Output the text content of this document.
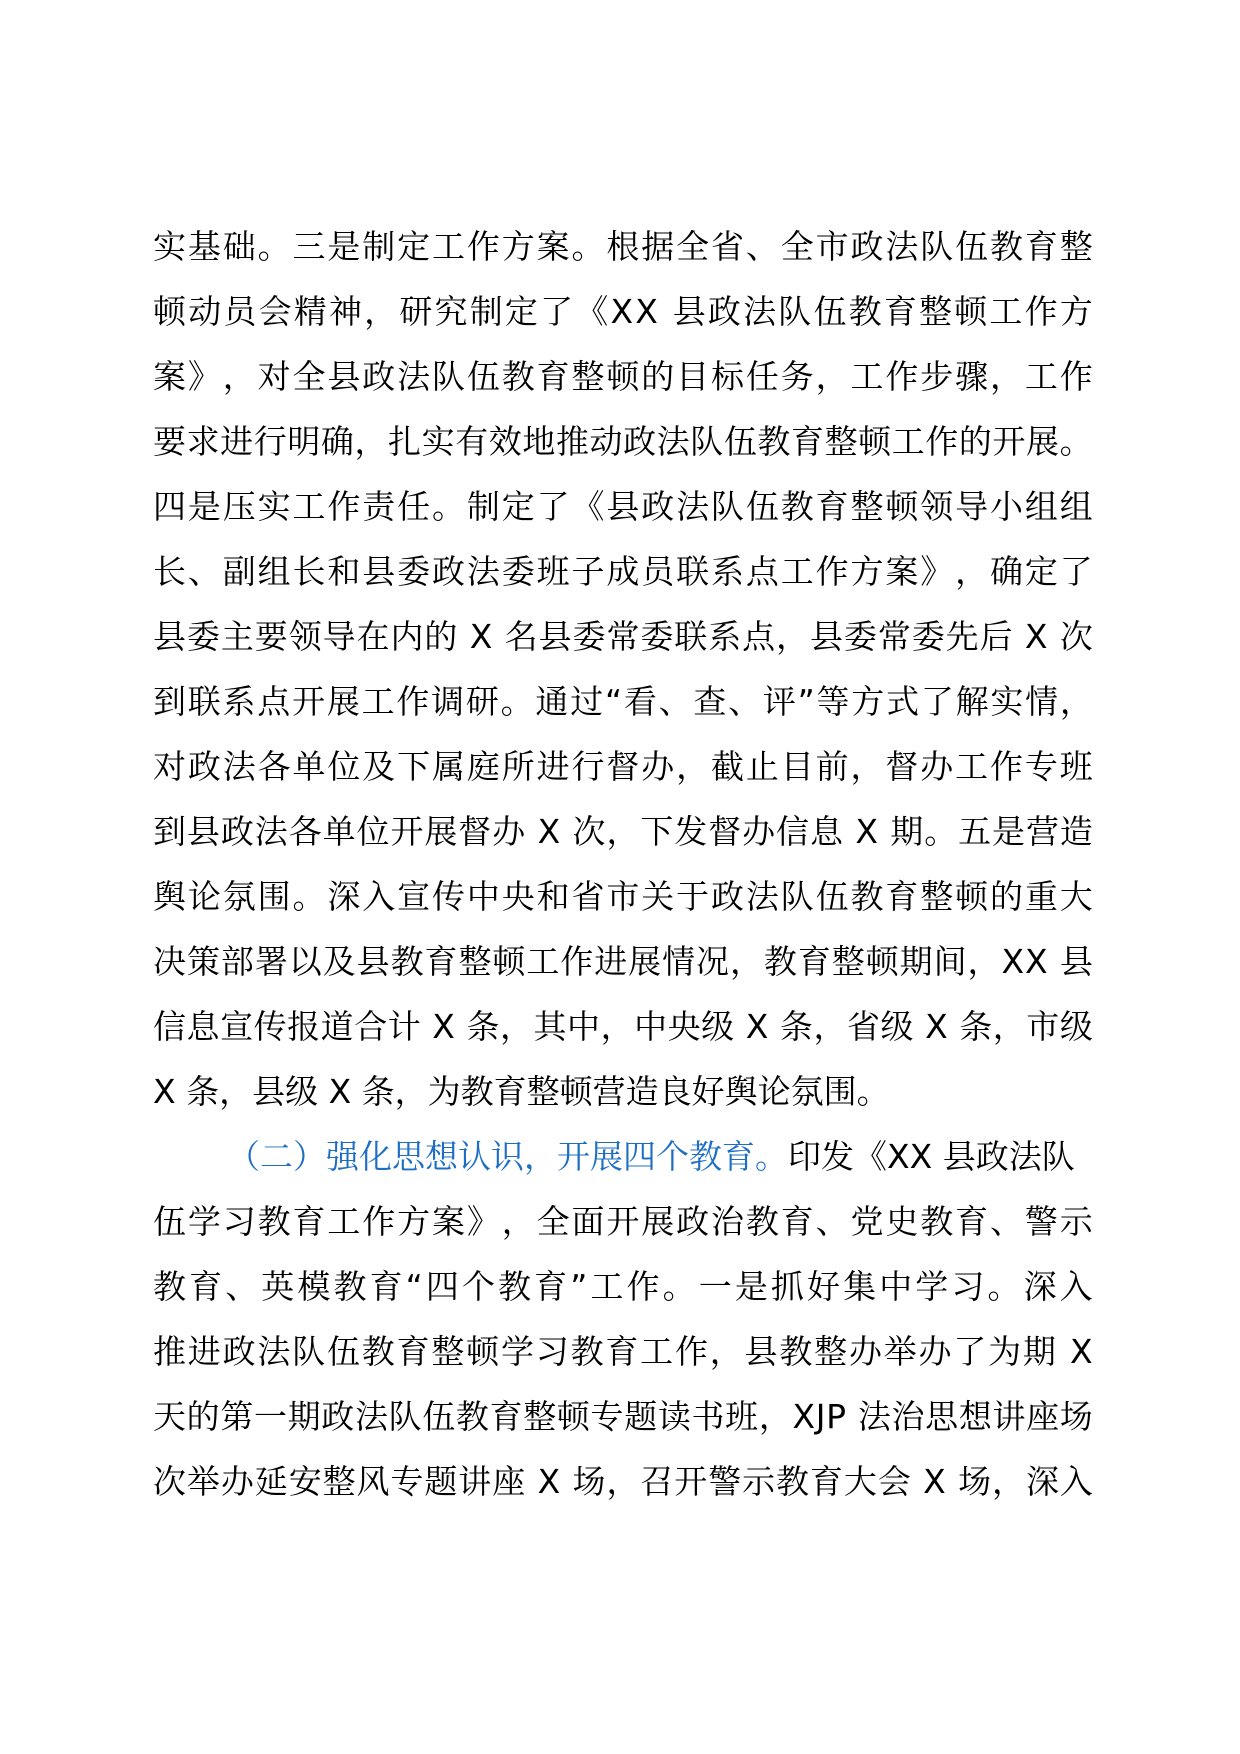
实 基 础 。 三 是 制 定 工 作 方 案 。 根 据 全 省 、 全 市 政 法 队 伍 教 育 整
顿 动 员 会 精 神 ， 研 究 制 定 了 《 X X
县 政 法 队 伍 教 育 整 顿 工 作 方
案 》 ， 对 全 县 政 法 队 伍 教 育 整 顿 的 目 标 任 务 ， 工 作 步 骤 ， 工 作
要 求 进 行 明 确 ， 扎 实 有 效 地 推 动 政 法 队 伍 教 育 整 顿 工 作 的 开 展 。
四 是 压 实 工 作 责 任 。 制 定 了 《 县 政 法 队 伍 教 育 整 顿 领 导 小 组 组
长 、 副 组 长 和 县 委 政 法 委 班 子 成 员 联 系 点 工 作 方 案 》 ， 确 定 了
县 委 主 要 领 导 在 内 的
X
名 县 委 常 委 联 系 点 ， 县 委 常 委 先 后
X
次
到 联 系 点 开 展 工 作 调 研 。 通 过 “ 看 、 查 、 评 ” 等 方 式 了 解 实 情 ，
对 政 法 各 单 位 及 下 属 庭 所 进 行 督 办 ， 截 止 目 前 ， 督 办 工 作 专 班
到 县 政 法 各 单 位 开 展 督 办
X
次 ， 下 发 督 办 信 息
X
期 。 五 是 营 造
舆 论 氛 围 。 深 入 宣 传 中 央 和 省 市 关 于 政 法 队 伍 教 育 整 顿 的 重 大
决 策 部 署 以 及 县 教 育 整 顿 工 作 进 展 情 况 ， 教 育 整 顿 期 间 ， X X
县
信 息 宣 传 报 道 合 计
X
条 ， 其 中 ， 中 央 级
X
条 ， 省 级
X
条 ， 市 级
X 条，县级 X 条，为教育整顿营造良好舆论氛围。
（二）强化思想认识，开展四个教育。 印发《XX 县政法队
伍 学 习 教 育 工 作 方 案 》 ， 全 面 开 展 政 治 教 育 、 党 史 教 育 、 警 示
教 育 、 英 模 教 育 “ 四 个 教 育 ” 工 作 。 一 是 抓 好 集 中 学 习 。 深 入
推 进 政 法 队 伍 教 育 整 顿 学 习 教 育 工 作 ， 县 教 整 办 举 办 了 为 期
X
天 的 第 一 期 政 法 队 伍 教 育 整 顿 专 题 读 书 班 ， X J P
法 治 思 想 讲 座 场
次 举 办 延 安 整 风 专 题 讲 座
X
场 ， 召 开 警 示 教 育 大 会
X
场 ， 深 入
